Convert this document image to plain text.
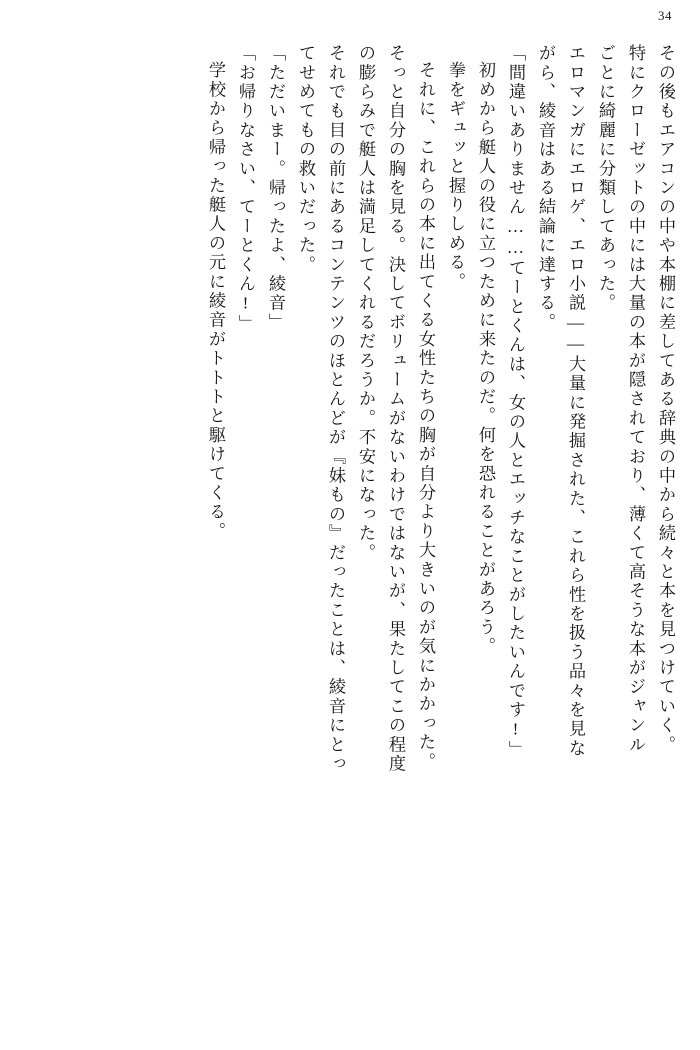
34
その後もエアコンの中や本棚に差してある辞典の中から続々と本を見つけていく。
特にクローゼットの中には大量の本が隠されており、薄くて高そうな本がジャンル
ごとに綺麗に分類してあった。
エロマンガにエロゲ、エロ小説――大量に発掘された、これら性を扱う品々を見な
がら、綾音はある結論に達する。
「間違いありません……てーとくんは、女の人とエッチなことがしたいんです!」
初めから艇人の役に立つために来たのだ。何を恐れることがあろう。
拳をギュッと握りしめる。
それに、これらの本に出てくる女性たちの胸が自分より大きいのが気にかかった。
そっと自分の胸を見る。決してボリュームがないわけではないが、果たしてこの程度
の膨らみで艇人は満足してくれるだろうか。不安になった。
それでも目の前にあるコンテンツのほとんどが『妹もの』だったことは、綾音にとっ
てせめてもの救いだった。
「ただいまー。帰ったよ、綾音」
「お帰りなさい、てーとくん!」
学校から帰った艇人の元に綾音がトトトと駆けてくる。
